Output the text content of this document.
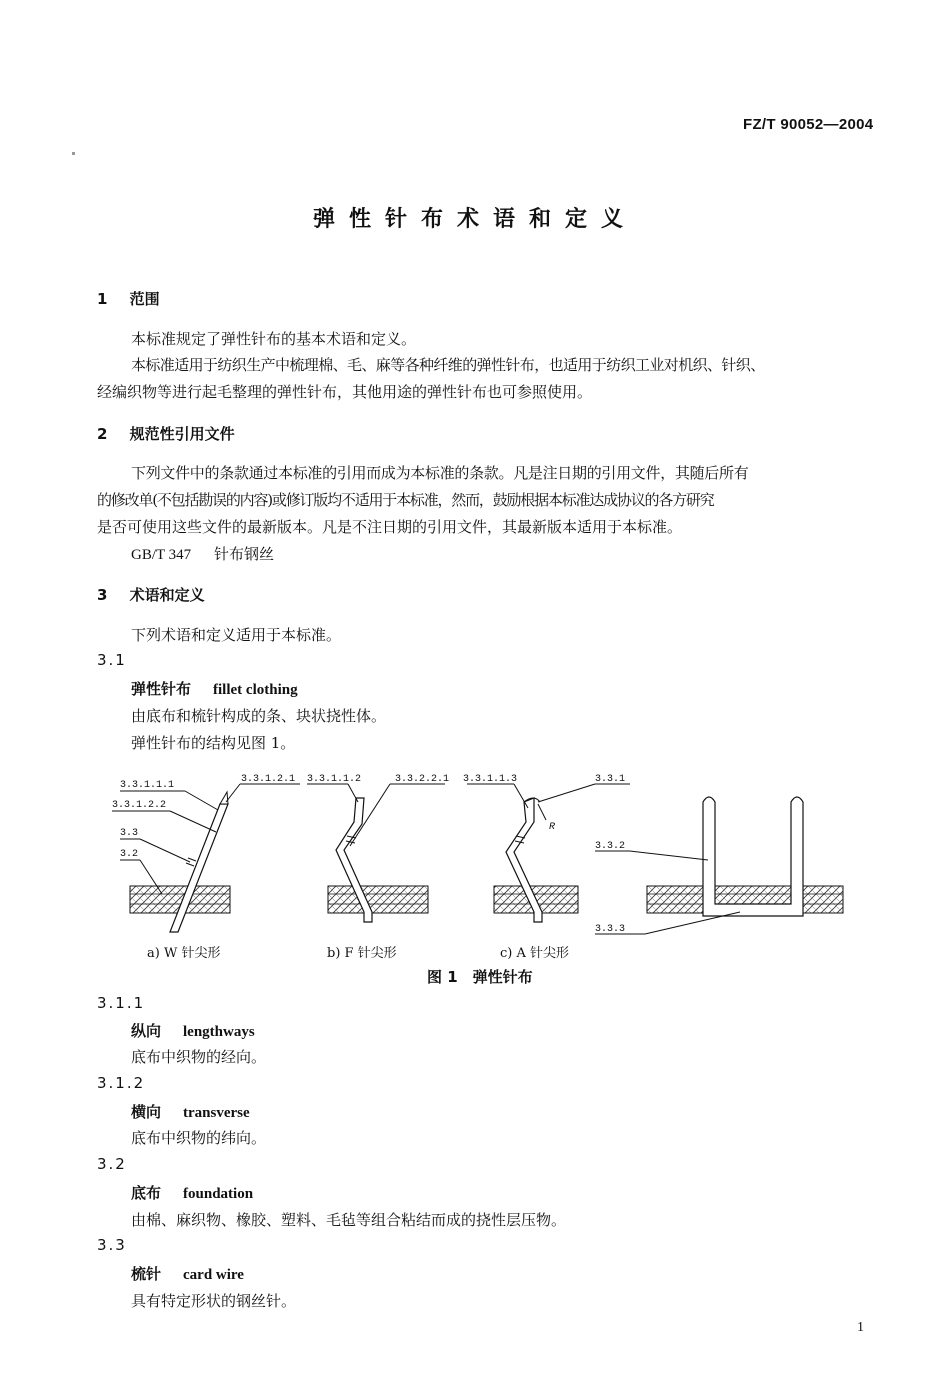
FZ/T 90052—2004
弹性针布术语和定义
1 范围
本标准规定了弹性针布的基本术语和定义。
本标准适用于纺织生产中梳理棉、毛、麻等各种纤维的弹性针布，也适用于纺织工业对机织、针织、
经编织物等进行起毛整理的弹性针布，其他用途的弹性针布也可参照使用。
2 规范性引用文件
下列文件中的条款通过本标准的引用而成为本标准的条款。凡是注日期的引用文件，其随后所有
的修改单(不包括勘误的内容)或修订版均不适用于本标准，然而，鼓励根据本标准达成协议的各方研究
是否可使用这些文件的最新版本。凡是不注日期的引用文件，其最新版本适用于本标准。
GB/T 347 针布钢丝
3 术语和定义
下列术语和定义适用于本标准。
3.1
弹性针布 fillet clothing
由底布和梳针构成的条、块状挠性体。
弹性针布的结构见图 1。
3.3.1.1.1
3.3.1.2.2
3.3
3.2
3.3.1.2.1 3.3.1.1.2	3.3.2.2.1 3.3.1.1.3
R
3.3.1
3.3.2
3.3.3
a) W 针尖形	b) F 针尖形	c) A 针尖形
图 1　弹性针布
3.1.1
纵向 lengthways
底布中织物的经向。
3.1.2
横向 transverse
底布中织物的纬向。
3.2
底布 foundation
由棉、麻织物、橡胶、塑料、毛毡等组合粘结而成的挠性层压物。
3.3
梳针 card wire
具有特定形状的钢丝针。
1
